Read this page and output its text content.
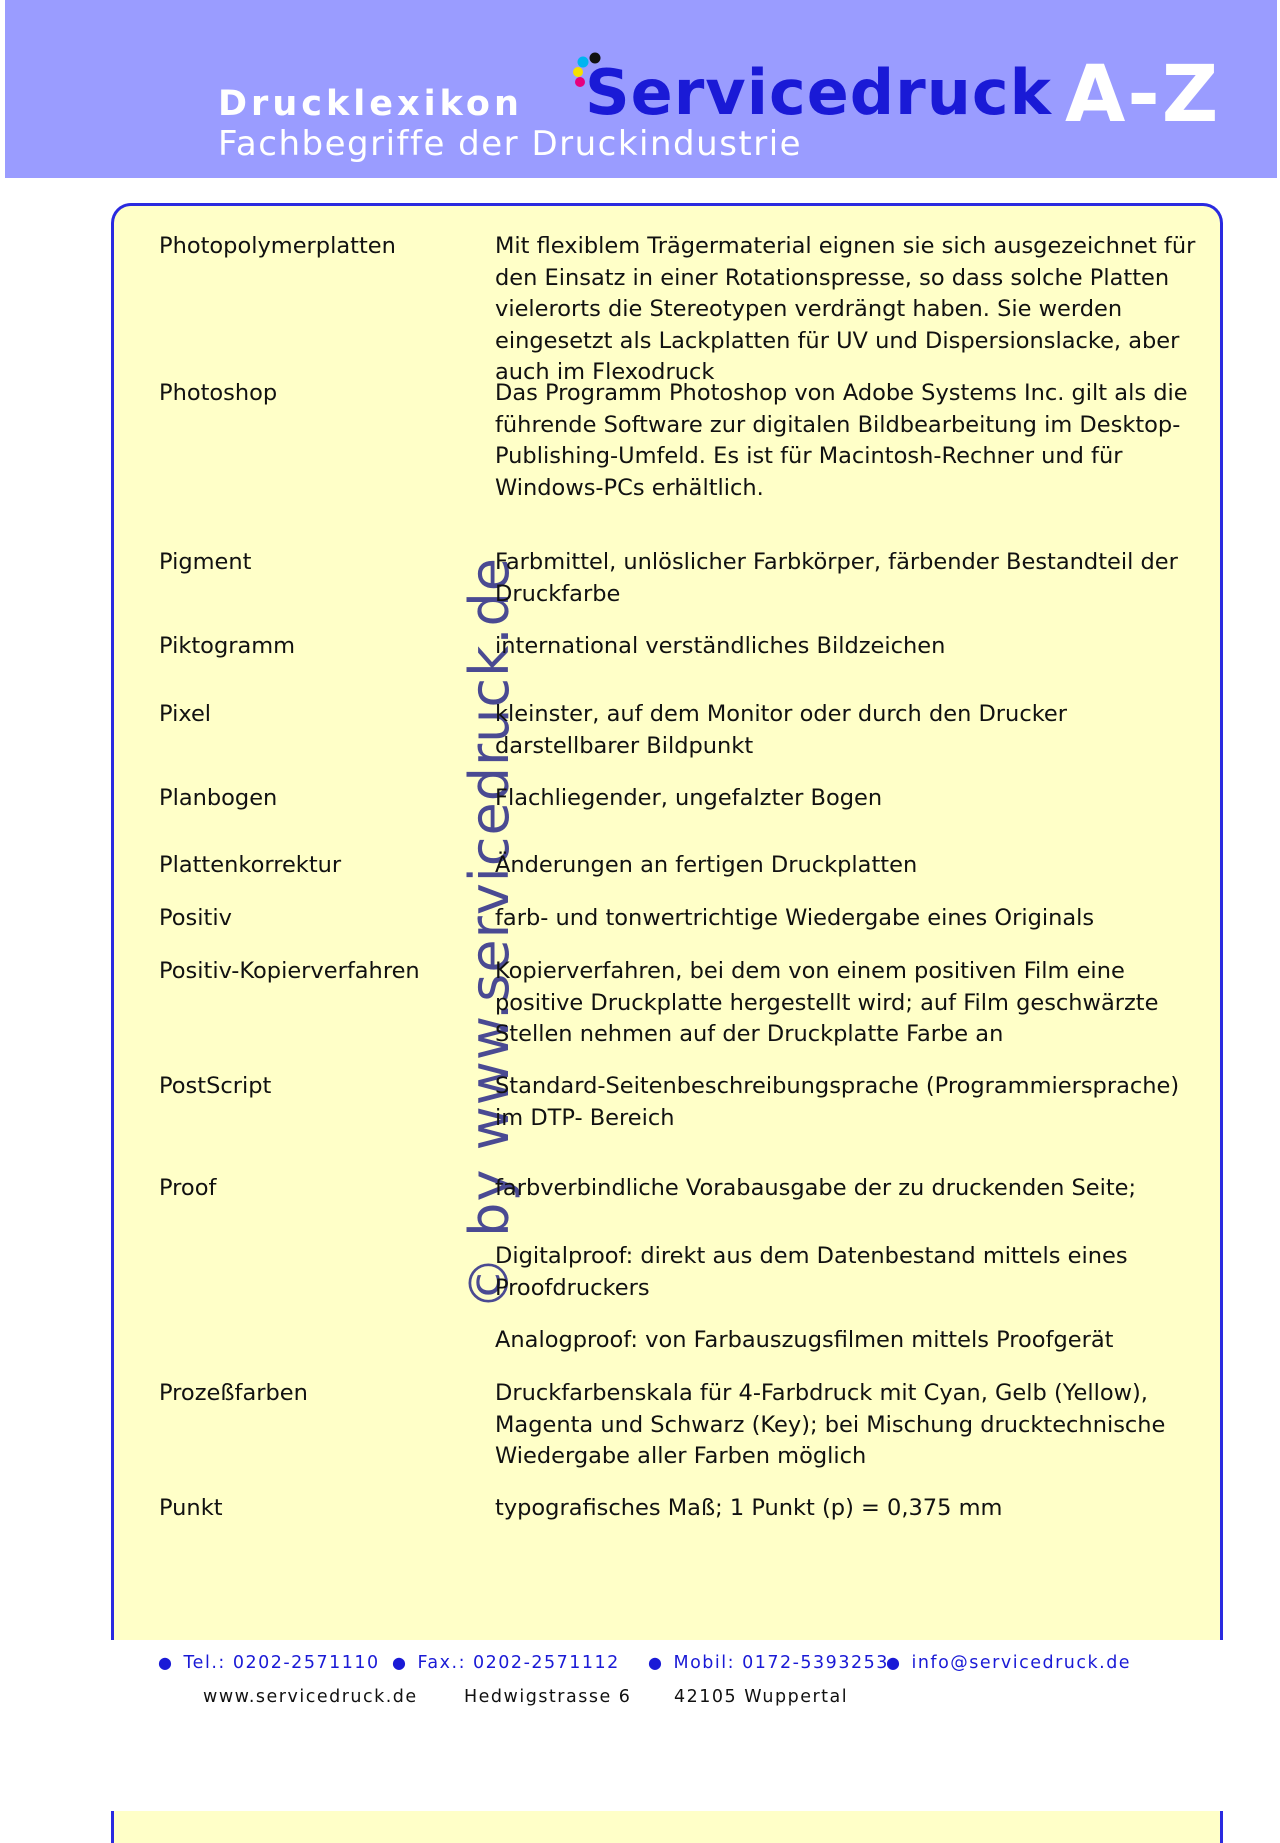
Drucklexikon
Fachbegriffe der Druckindustrie
Servicedruck A-Z
© by www.servicedruck.de
Photopolymerplatten	Mit flexiblem Trägermaterial eignen sie sich ausgezeichnet für den Einsatz in einer Rotationspresse, so dass solche Platten vielerorts die Stereotypen verdrängt haben. Sie werden eingesetzt als Lackplatten für UV und Dispersionslacke, aber auch im Flexodruck
Photoshop	Das Programm Photoshop von Adobe Systems Inc. gilt als die führende Software zur digitalen Bildbearbeitung im Desktop-Publishing-Umfeld. Es ist für Macintosh-Rechner und für Windows-PCs erhältlich.
Pigment	Farbmittel, unlöslicher Farbkörper, färbender Bestandteil der Druckfarbe
Piktogramm	international verständliches Bildzeichen
Pixel	kleinster, auf dem Monitor oder durch den Drucker darstellbarer Bildpunkt
Planbogen	Flachliegender, ungefalzter Bogen
Plattenkorrektur	Änderungen an fertigen Druckplatten
Positiv	farb- und tonwertrichtige Wiedergabe eines Originals
Positiv-Kopierverfahren	Kopierverfahren, bei dem von einem positiven Film eine positive Druckplatte hergestellt wird; auf Film geschwärzte Stellen nehmen auf der Druckplatte Farbe an
PostScript	Standard-Seitenbeschreibungsprache (Programmiersprache) im DTP- Bereich
Proof	farbverbindliche Vorabausgabe der zu druckenden Seite;
Digitalproof: direkt aus dem Datenbestand mittels eines Proofdruckers
Analogproof: von Farbauszugsfilmen mittels Proofgerät
Prozeßfarben	Druckfarbenskala für 4-Farbdruck mit Cyan, Gelb (Yellow), Magenta und Schwarz (Key); bei Mischung drucktechnische Wiedergabe aller Farben möglich
Punkt	typografisches Maß; 1 Punkt (p) = 0,375 mm
● Tel.: 0202-2571110 ● Fax.: 0202-2571112 ● Mobil: 0172-5393253
● info@servicedruck.de
www.servicedruck.de	Hedwigstrasse 6 42105 Wuppertal
